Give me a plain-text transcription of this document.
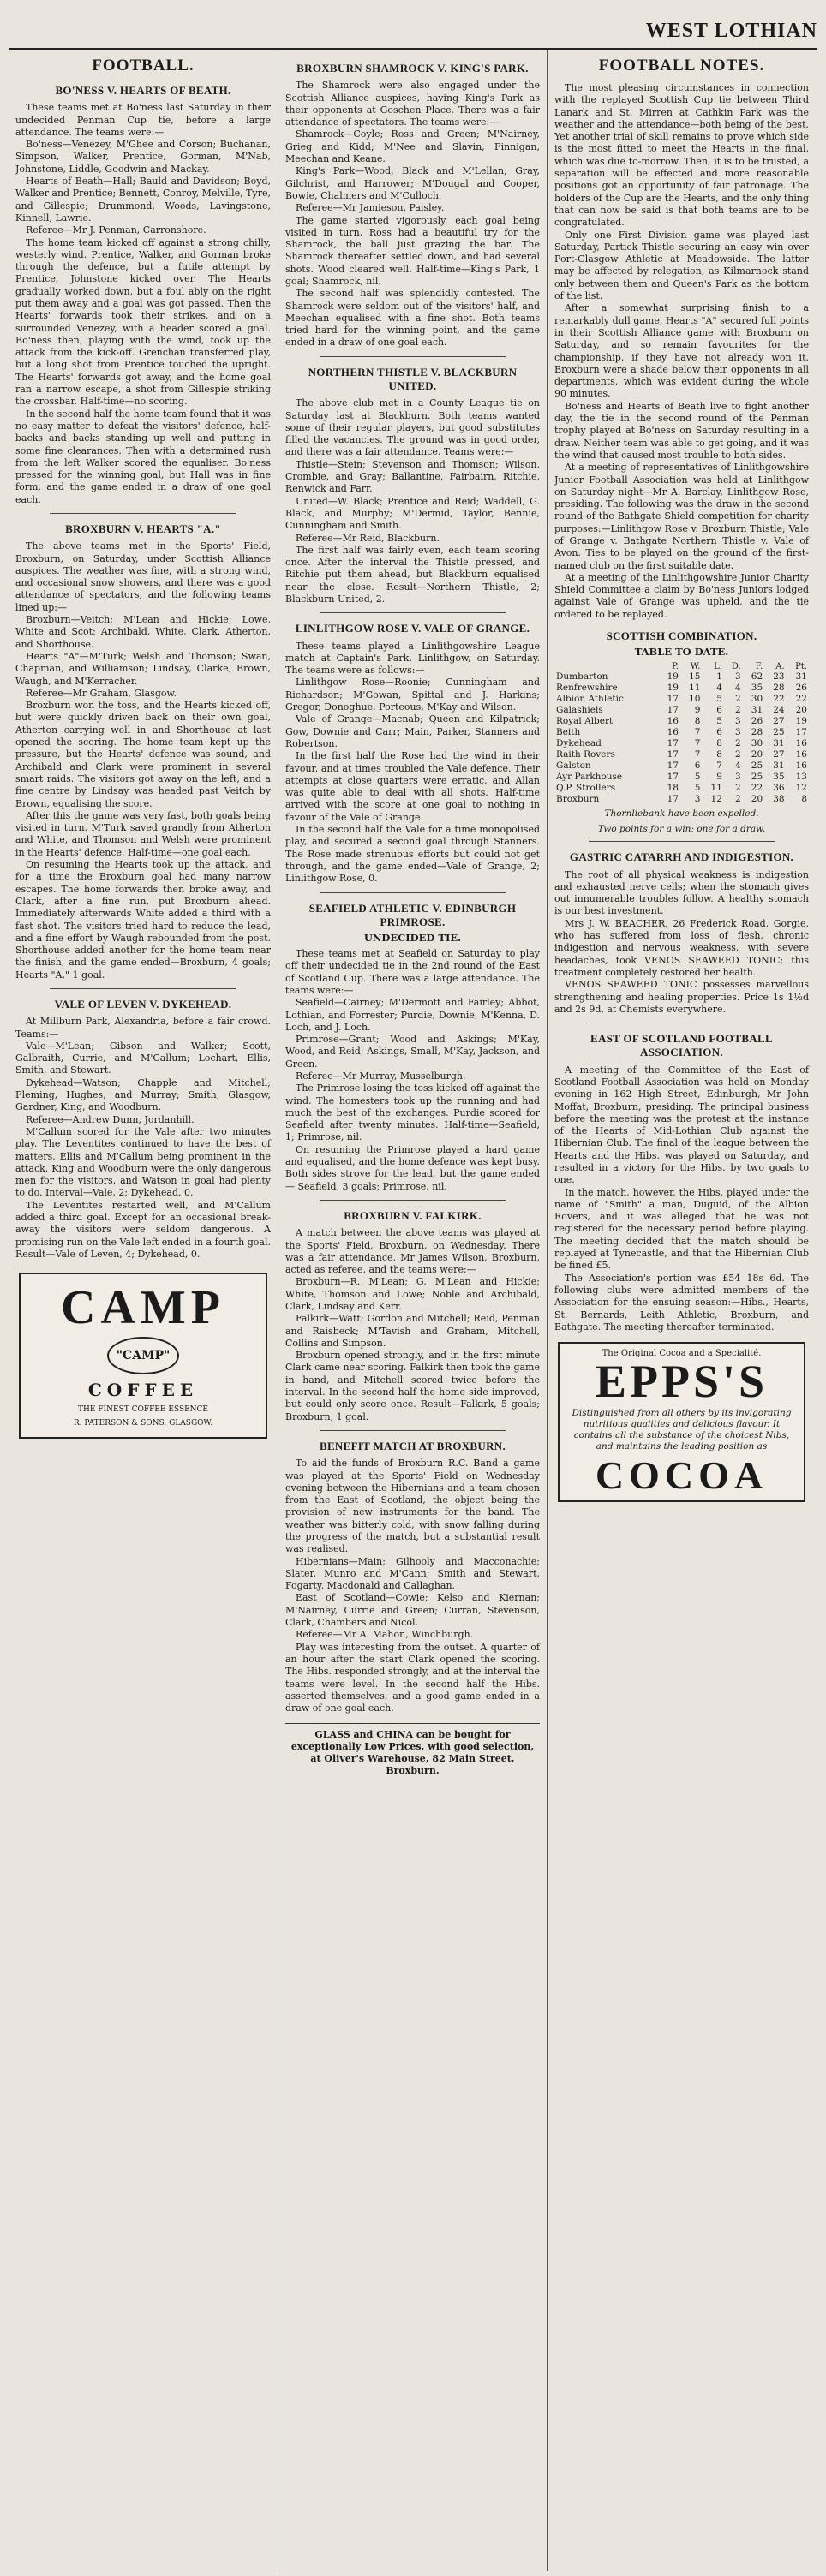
WEST LOTHIAN
FOOTBALL.
BO'NESS V. HEARTS OF BEATH.

These teams met at Bo'ness last Saturday in their undecided Penman Cup tie, before a large attendance. The teams were:—

Bo'ness—Venezey, M'Ghee and Corson; Buchanan, Simpson, Walker, Prentice, Gorman, M'Nab, Johnstone, Liddle, Goodwin and Mackay.

Hearts of Beath—Hall; Bauld and Davidson; Boyd, Walker and Prentice; Bennett, Conroy, Melville, Tyre, and Gillespie; Drummond, Woods, Lavingstone, Kinnell, Lawrie.

Referee—Mr J. Penman, Carronshore.

The home team kicked off against a strong chilly, westerly wind. Prentice, Walker, and Gorman broke through the defence, but a futile attempt by Prentice, Johnstone kicked over. The Hearts gradually worked down, but a foul ably on the right put them away and a goal was got passed. Then the Hearts' forwards took their strikes, and on a surrounded Venezey, with a header scored a goal. Bo'ness then, playing with the wind, took up the attack from the kick-off. Grenchan transferred play, but a long shot from Prentice touched the upright. The Hearts' forwards got away, and the home goal ran a narrow escape, a shot from Gillespie striking the crossbar. Half-time—no scoring.

In the second half the home team found that it was no easy matter to defeat the visitors' defence, half-backs and backs standing up well and putting in some fine clearances. Then with a determined rush from the left Walker scored the equaliser. Bo'ness pressed for the winning goal, but Hall was in fine form, and the game ended in a draw of one goal each.

BROXBURN V. HEARTS "A."

The above teams met in the Sports' Field, Broxburn, on Saturday, under Scottish Alliance auspices. The weather was fine, with a strong wind, and occasional snow showers, and there was a good attendance of spectators, and the following teams lined up:—

Broxburn—Veitch; M'Lean and Hickie; Lowe, White and Scot; Archibald, White, Clark, Atherton, and Shorthouse.

Hearts "A"—M'Turk; Welsh and Thomson; Swan, Chapman, and Williamson; Lindsay, Clarke, Brown, Waugh, and M'Kerracher.

Referee—Mr Graham, Glasgow.

Broxburn won the toss, and the Hearts kicked off, but were quickly driven back on their own goal, Atherton carrying well in and Shorthouse at last opened the scoring. The home team kept up the pressure, but the Hearts' defence was sound, and Archibald and Clark were prominent in several smart raids. The visitors got away on the left, and a fine centre by Lindsay was headed past Veitch by Brown, equalising the score.

After this the game was very fast, both goals being visited in turn. M'Turk saved grandly from Atherton and White, and Thomson and Welsh were prominent in the Hearts' defence. Half-time—one goal each.

On resuming the Hearts took up the attack, and for a time the Broxburn goal had many narrow escapes. The home forwards then broke away, and Clark, after a fine run, put Broxburn ahead. Immediately afterwards White added a third with a fast shot. The visitors tried hard to reduce the lead, and a fine effort by Waugh rebounded from the post. Shorthouse added another for the home team near the finish, and the game ended—Broxburn, 4 goals; Hearts "A," 1 goal.

VALE OF LEVEN V. DYKEHEAD.

At Millburn Park, Alexandria, before a fair crowd. Teams:—

Vale—M'Lean; Gibson and Walker; Scott, Galbraith, Currie, and M'Callum; Lochart, Ellis, Smith, and Stewart.

Dykehead—Watson; Chapple and Mitchell; Fleming, Hughes, and Murray; Smith, Glasgow, Gardner, King, and Woodburn.

Referee—Andrew Dunn, Jordanhill.

M'Callum scored for the Vale after two minutes play. The Leventites continued to have the best of matters, Ellis and M'Callum being prominent in the attack. King and Woodburn were the only dangerous men for the visitors, and Watson in goal had plenty to do. Interval—Vale, 2; Dykehead, 0.

The Leventites restarted well, and M'Callum added a third goal. Except for an occasional break-away the visitors were seldom dangerous. A promising run on the Vale left ended in a fourth goal. Result—Vale of Leven, 4; Dykehead, 0.

CAMP
"CAMP"
COFFEE
THE FINEST COFFEE ESSENCE
R. PATERSON & SONS, GLASGOW.
BROXBURN SHAMROCK V. KING'S PARK.

The Shamrock were also engaged under the Scottish Alliance auspices, having King's Park as their opponents at Goschen Place. There was a fair attendance of spectators. The teams were:—

Shamrock—Coyle; Ross and Green; M'Nairney, Grieg and Kidd; M'Nee and Slavin, Finnigan, Meechan and Keane.

King's Park—Wood; Black and M'Lellan; Gray, Gilchrist, and Harrower; M'Dougal and Cooper, Bowie, Chalmers and M'Culloch.

Referee—Mr Jamieson, Paisley.

The game started vigorously, each goal being visited in turn. Ross had a beautiful try for the Shamrock, the ball just grazing the bar. The Shamrock thereafter settled down, and had several shots. Wood cleared well. Half-time—King's Park, 1 goal; Shamrock, nil.

The second half was splendidly contested. The Shamrock were seldom out of the visitors' half, and Meechan equalised with a fine shot. Both teams tried hard for the winning point, and the game ended in a draw of one goal each.

NORTHERN THISTLE V. BLACKBURN UNITED.

The above club met in a County League tie on Saturday last at Blackburn. Both teams wanted some of their regular players, but good substitutes filled the vacancies. The ground was in good order, and there was a fair attendance. Teams were:—

Thistle—Stein; Stevenson and Thomson; Wilson, Crombie, and Gray; Ballantine, Fairbairn, Ritchie, Renwick and Farr.

United—W. Black; Prentice and Reid; Waddell, G. Black, and Murphy; M'Dermid, Taylor, Bennie, Cunningham and Smith.

Referee—Mr Reid, Blackburn.

The first half was fairly even, each team scoring once. After the interval the Thistle pressed, and Ritchie put them ahead, but Blackburn equalised near the close. Result—Northern Thistle, 2; Blackburn United, 2.

LINLITHGOW ROSE V. VALE OF GRANGE.

These teams played a Linlithgowshire League match at Captain's Park, Linlithgow, on Saturday. The teams were as follows:—

Linlithgow Rose—Roonie; Cunningham and Richardson; M'Gowan, Spittal and J. Harkins; Gregor, Donoghue, Porteous, M'Kay and Wilson.

Vale of Grange—Macnab; Queen and Kilpatrick; Gow, Downie and Carr; Main, Parker, Stanners and Robertson.

In the first half the Rose had the wind in their favour, and at times troubled the Vale defence. Their attempts at close quarters were erratic, and Allan was quite able to deal with all shots. Half-time arrived with the score at one goal to nothing in favour of the Vale of Grange.

In the second half the Vale for a time monopolised play, and secured a second goal through Stanners. The Rose made strenuous efforts but could not get through, and the game ended—Vale of Grange, 2; Linlithgow Rose, 0.

SEAFIELD ATHLETIC V. EDINBURGH PRIMROSE.
UNDECIDED TIE.

These teams met at Seafield on Saturday to play off their undecided tie in the 2nd round of the East of Scotland Cup. There was a large attendance. The teams were:—

Seafield—Cairney; M'Dermott and Fairley; Abbot, Lothian, and Forrester; Purdie, Downie, M'Kenna, D. Loch, and J. Loch.

Primrose—Grant; Wood and Askings; M'Kay, Wood, and Reid; Askings, Small, M'Kay, Jackson, and Green.

Referee—Mr Murray, Musselburgh.

The Primrose losing the toss kicked off against the wind. The homesters took up the running and had much the best of the exchanges. Purdie scored for Seafield after twenty minutes. Half-time—Seafield, 1; Primrose, nil.

On resuming the Primrose played a hard game and equalised, and the home defence was kept busy. Both sides strove for the lead, but the game ended — Seafield, 3 goals; Primrose, nil.

BROXBURN V. FALKIRK.

A match between the above teams was played at the Sports' Field, Broxburn, on Wednesday. There was a fair attendance. Mr James Wilson, Broxburn, acted as referee, and the teams were:—

Broxburn—R. M'Lean; G. M'Lean and Hickie; White, Thomson and Lowe; Noble and Archibald, Clark, Lindsay and Kerr.

Falkirk—Watt; Gordon and Mitchell; Reid, Penman and Raisbeck; M'Tavish and Graham, Mitchell, Collins and Simpson.

Broxburn opened strongly, and in the first minute Clark came near scoring. Falkirk then took the game in hand, and Mitchell scored twice before the interval. In the second half the home side improved, but could only score once. Result—Falkirk, 5 goals; Broxburn, 1 goal.

BENEFIT MATCH AT BROXBURN.

To aid the funds of Broxburn R.C. Band a game was played at the Sports' Field on Wednesday evening between the Hibernians and a team chosen from the East of Scotland, the object being the provision of new instruments for the band. The weather was bitterly cold, with snow falling during the progress of the match, but a substantial result was realised.

Hibernians—Main; Gilhooly and Macconachie; Slater, Munro and M'Cann; Smith and Stewart, Fogarty, Macdonald and Callaghan.

East of Scotland—Cowie; Kelso and Kiernan; M'Nairney, Currie and Green; Curran, Stevenson, Clark, Chambers and Nicol.

Referee—Mr A. Mahon, Winchburgh.

Play was interesting from the outset. A quarter of an hour after the start Clark opened the scoring. The Hibs. responded strongly, and at the interval the teams were level. In the second half the Hibs. asserted themselves, and a good game ended in a draw of one goal each.

GLASS and CHINA can be bought for exceptionally Low Prices, with good selection, at Oliver's Warehouse, 82 Main Street, Broxburn.
FOOTBALL NOTES.

The most pleasing circumstances in connection with the replayed Scottish Cup tie between Third Lanark and St. Mirren at Cathkin Park was the weather and the attendance—both being of the best. Yet another trial of skill remains to prove which side is the most fitted to meet the Hearts in the final, which was due to-morrow. Then, it is to be trusted, a separation will be effected and more reasonable positions got an opportunity of fair patronage. The holders of the Cup are the Hearts, and the only thing that can now be said is that both teams are to be congratulated.

Only one First Division game was played last Saturday, Partick Thistle securing an easy win over Port-Glasgow Athletic at Meadowside. The latter may be affected by relegation, as Kilmarnock stand only between them and Queen's Park as the bottom of the list.

After a somewhat surprising finish to a remarkably dull game, Hearts "A" secured full points in their Scottish Alliance game with Broxburn on Saturday, and so remain favourites for the championship, if they have not already won it. Broxburn were a shade below their opponents in all departments, which was evident during the whole 90 minutes.

Bo'ness and Hearts of Beath live to fight another day, the tie in the second round of the Penman trophy played at Bo'ness on Saturday resulting in a draw. Neither team was able to get going, and it was the wind that caused most trouble to both sides.

At a meeting of representatives of Linlithgowshire Junior Football Association was held at Linlithgow on Saturday night—Mr A. Barclay, Linlithgow Rose, presiding. The following was the draw in the second round of the Bathgate Shield competition for charity purposes:—Linlithgow Rose v. Broxburn Thistle; Vale of Grange v. Bathgate Northern Thistle v. Vale of Avon. Ties to be played on the ground of the first-named club on the first suitable date.

At a meeting of the Linlithgowshire Junior Charity Shield Committee a claim by Bo'ness Juniors lodged against Vale of Grange was upheld, and the tie ordered to be replayed.

SCOTTISH COMBINATION.
TABLE TO DATE.
	P.	W.	L.	D.	F.	A.	Pt.
Dumbarton	19	15	1	3	62	23	31
Renfrewshire	19	11	4	4	35	28	26
Albion Athletic	17	10	5	2	30	22	22
Galashiels	17	9	6	2	31	24	20
Royal Albert	16	8	5	3	26	27	19
Beith	16	7	6	3	28	25	17
Dykehead	17	7	8	2	30	31	16
Raith Rovers	17	7	8	2	20	27	16
Galston	17	6	7	4	25	31	16
Ayr Parkhouse	17	5	9	3	25	35	13
Q.P. Strollers	18	5	11	2	22	36	12
Broxburn	17	3	12	2	20	38	8
Thornliebank have been expelled.
Two points for a win; one for a draw.
GASTRIC CATARRH AND INDIGESTION.

The root of all physical weakness is indigestion and exhausted nerve cells; when the stomach gives out innumerable troubles follow. A healthy stomach is our best investment.

Mrs J. W. BEACHER, 26 Frederick Road, Gorgie, who has suffered from loss of flesh, chronic indigestion and nervous weakness, with severe headaches, took VENOS SEAWEED TONIC; this treatment completely restored her health.

VENOS SEAWEED TONIC possesses marvellous strengthening and healing properties. Price 1s 1½d and 2s 9d, at Chemists everywhere.

EAST OF SCOTLAND FOOTBALL ASSOCIATION.

A meeting of the Committee of the East of Scotland Football Association was held on Monday evening in 162 High Street, Edinburgh, Mr John Moffat, Broxburn, presiding. The principal business before the meeting was the protest at the instance of the Hearts of Mid-Lothian Club against the Hibernian Club. The final of the league between the Hearts and the Hibs. was played on Saturday, and resulted in a victory for the Hibs. by two goals to one.

In the match, however, the Hibs. played under the name of "Smith" a man, Duguid, of the Albion Rovers, and it was alleged that he was not registered for the necessary period before playing. The meeting decided that the match should be replayed at Tynecastle, and that the Hibernian Club be fined £5.

The Association's portion was £54 18s 6d. The following clubs were admitted members of the Association for the ensuing season:—Hibs., Hearts, St. Bernards, Leith Athletic, Broxburn, and Bathgate. The meeting thereafter terminated.

The Original Cocoa and a Specialité.
EPPS'S
Distinguished from all others by its invigorating nutritious qualities and delicious flavour. It contains all the substance of the choicest Nibs, and maintains the leading position as
COCOA
